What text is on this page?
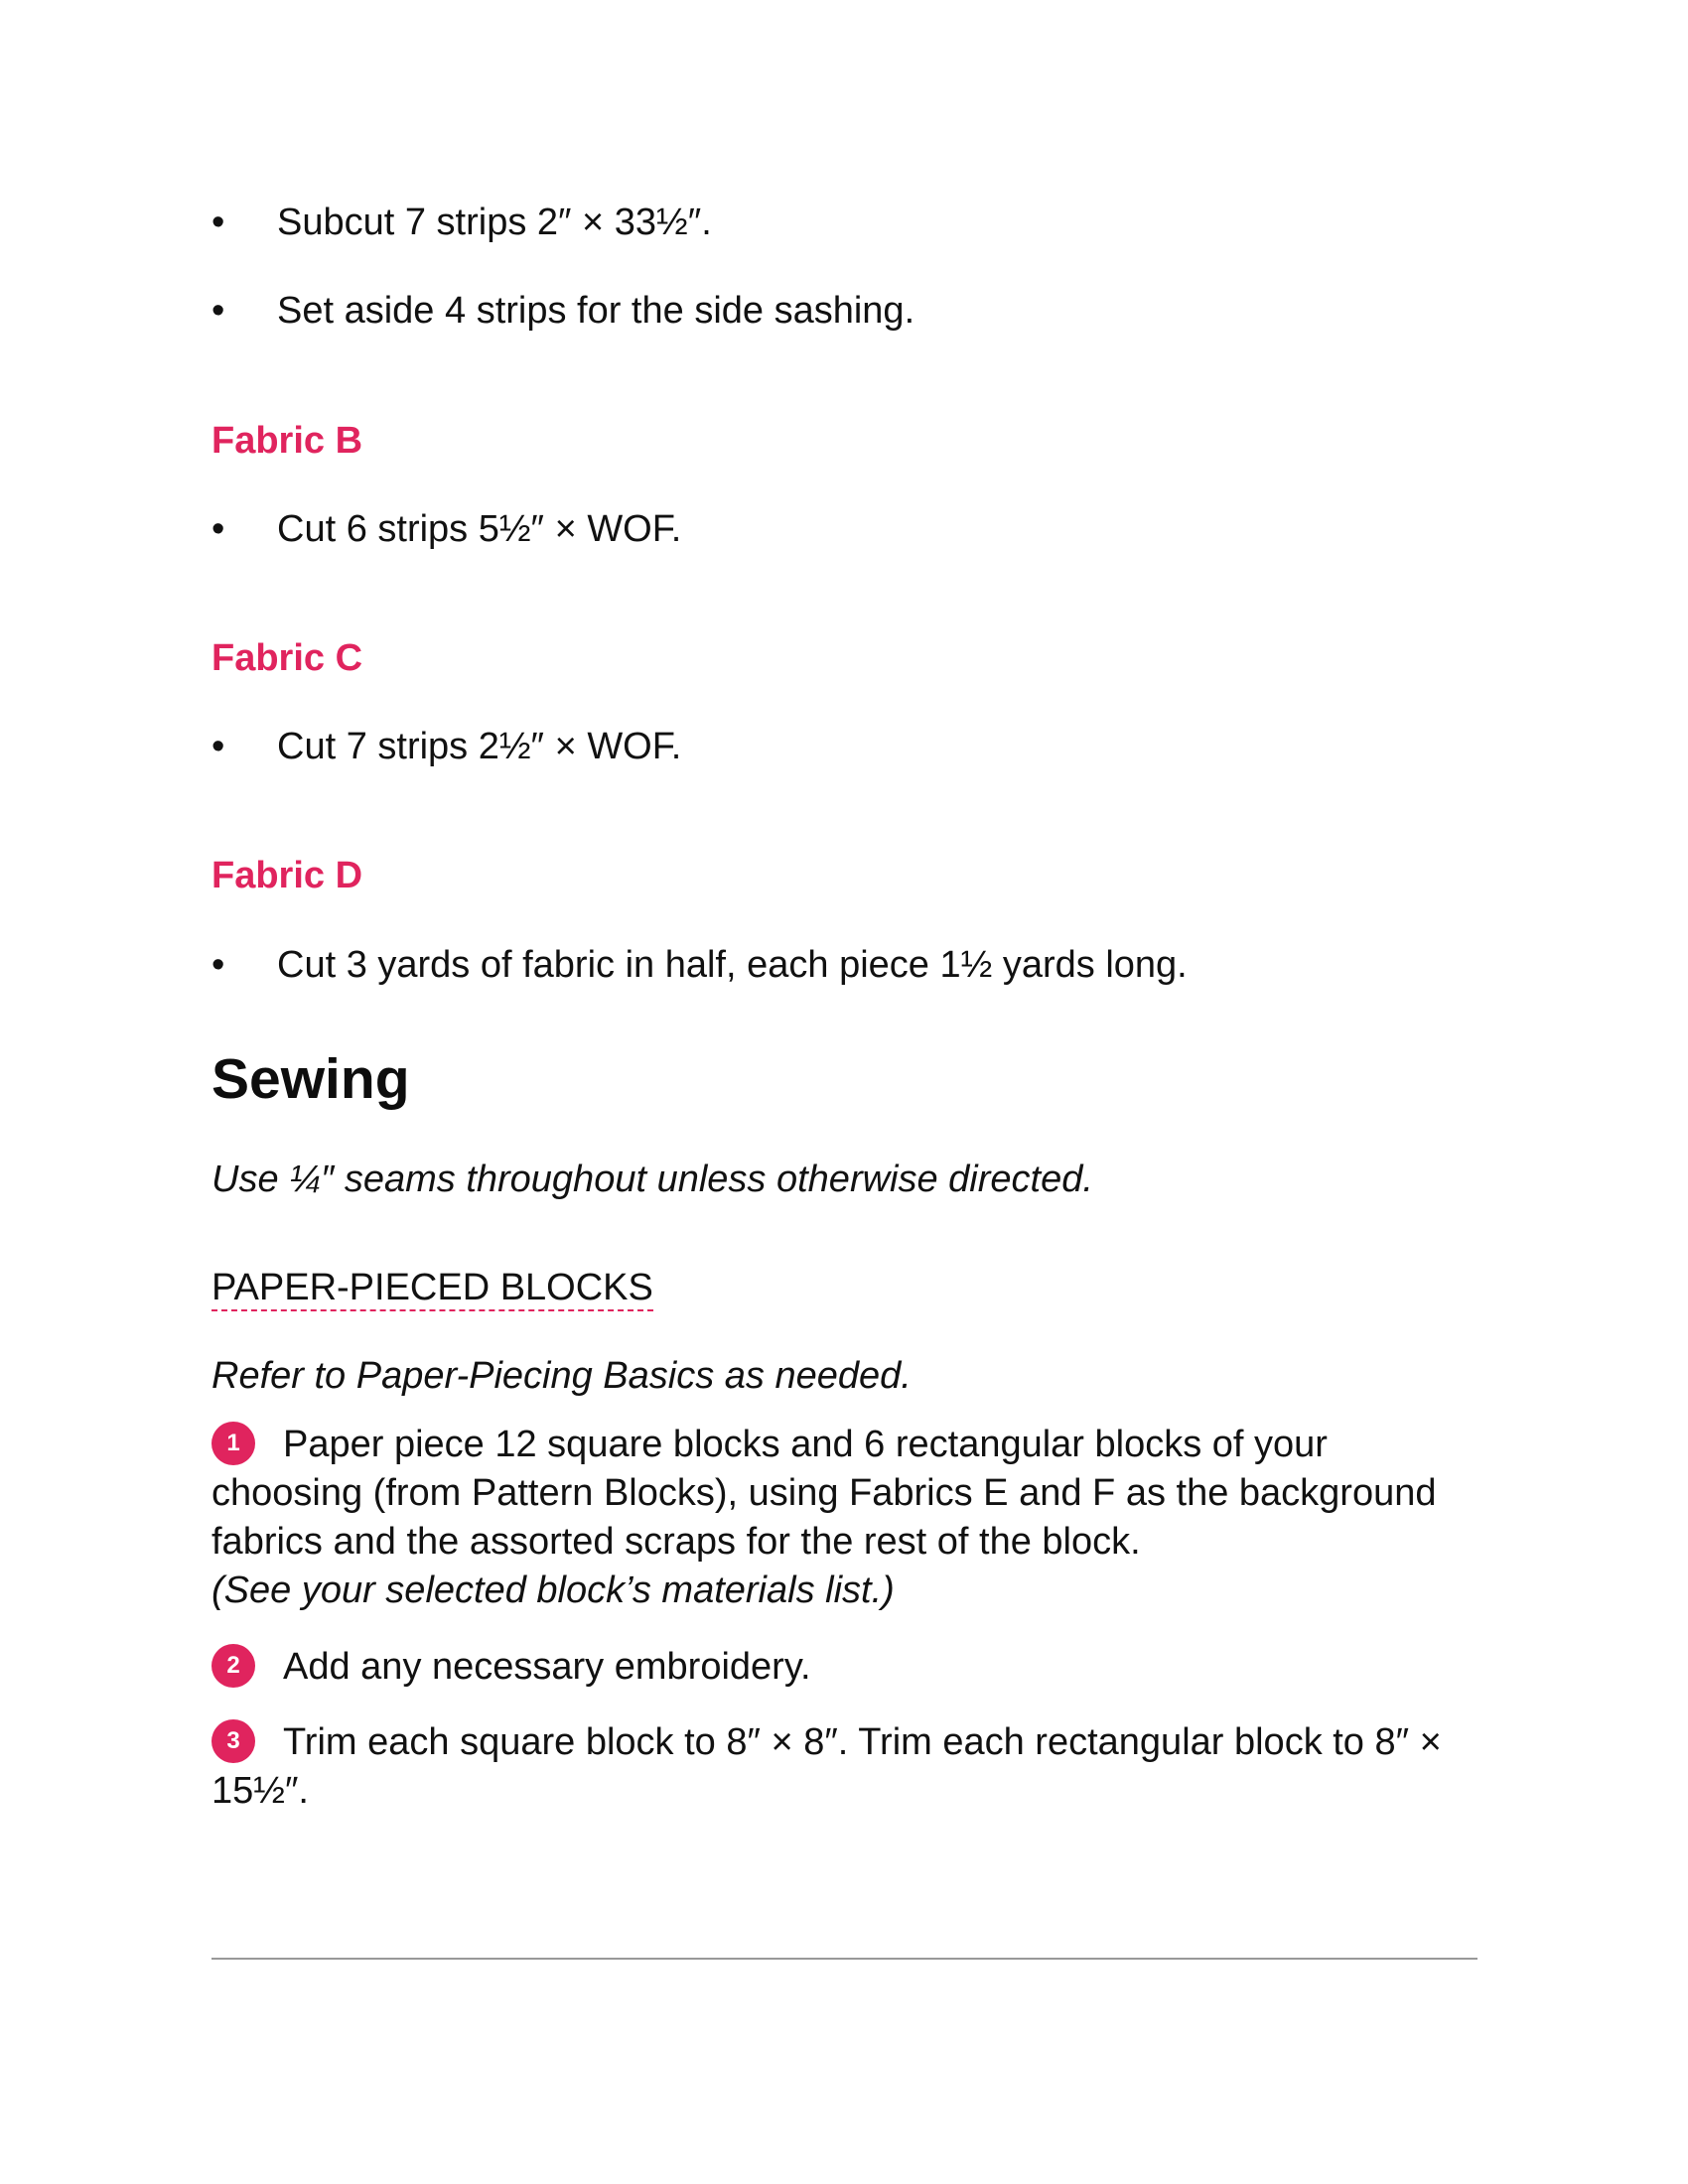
• Subcut 7 strips 2″ × 33½″.
• Set aside 4 strips for the side sashing.
Fabric B
• Cut 6 strips 5½″ × WOF.
Fabric C
• Cut 7 strips 2½″ × WOF.
Fabric D
• Cut 3 yards of fabric in half, each piece 1½ yards long.
Sewing
Use ¼″ seams throughout unless otherwise directed.
PAPER-PIECED BLOCKS
Refer to Paper-Piecing Basics as needed.
1 Paper piece 12 square blocks and 6 rectangular blocks of your choosing (from Pattern Blocks), using Fabrics E and F as the background fabrics and the assorted scraps for the rest of the block.
(See your selected block’s materials list.)
2 Add any necessary embroidery.
3 Trim each square block to 8″ × 8″. Trim each rectangular block to 8″ × 15½″.
